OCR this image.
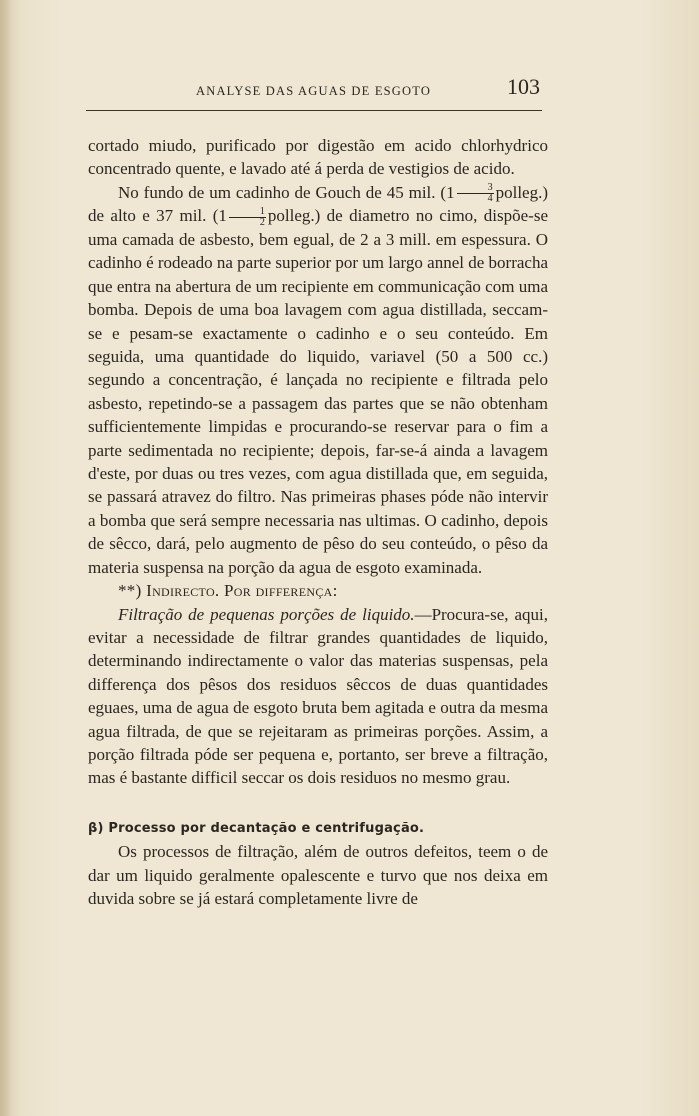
ANALYSE DAS AGUAS DE ESGOTO	103

cortado miudo, purificado por digestão em acido chlorhydrico concentrado quente, e lavado até á perda de vestigios de acido.

No fundo de um cadinho de Gouch de 45 mil. ($1 \frac{3}{4}$ polleg.) de alto e 37 mil. ($1 \frac{1}{2}$ polleg.) de diametro no cimo, dispõe-se uma camada de asbesto, bem egual, de 2 a 3 mill. em espessura. O cadinho é rodeado na parte superior por um largo annel de borracha que entra na abertura de um recipiente em communicação com uma bomba. Depois de uma boa lavagem com agua distillada, seccam-se e pesam-se exactamente o cadinho e o seu conteúdo. Em seguida, uma quantidade do liquido, variavel (50 a 500 cc.) segundo a concentração, é lançada no recipiente e filtrada pelo asbesto, repetindo-se a passagem das partes que se não obtenham sufficientemente limpidas e procurando-se reservar para o fim a parte sedimentada no recipiente; depois, far-se-á ainda a lavagem d'este, por duas ou tres vezes, com agua distillada que, em seguida, se passará atravez do filtro. Nas primeiras phases póde não intervir a bomba que será sempre necessaria nas ultimas. O cadinho, depois de sêcco, dará, pelo augmento de pêso do seu conteúdo, o pêso da materia suspensa na porção da agua de esgoto examinada.

**) Indirecto. Por differença:

Filtração de pequenas porções de liquido.—Procura-se, aqui, evitar a necessidade de filtrar grandes quantidades de liquido, determinando indirectamente o valor das materias suspensas, pela differença dos pêsos dos residuos sêccos de duas quantidades eguaes, uma de agua de esgoto bruta bem agitada e outra da mesma agua filtrada, de que se rejeitaram as primeiras porções. Assim, a porção filtrada póde ser pequena e, portanto, ser breve a filtração, mas é bastante difficil seccar os dois residuos no mesmo grau.

β) Processo por decantação e centrifugação.

Os processos de filtração, além de outros defeitos, teem o de dar um liquido geralmente opalescente e turvo que nos deixa em duvida sobre se já estará completamente livre de
